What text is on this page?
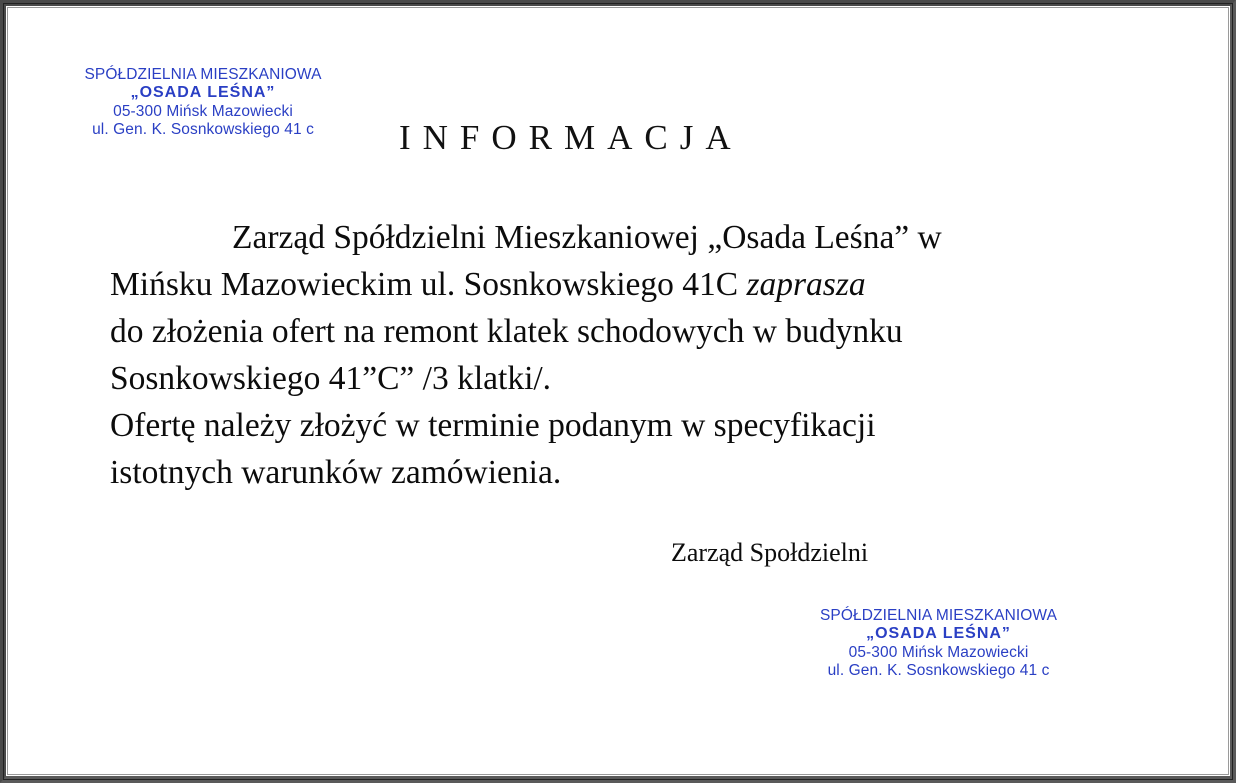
SPÓŁDZIELNIA MIESZKANIOWA
„OSADA LEŚNA”
05-300 Mińsk Mazowiecki
ul. Gen. K. Sosnkowskiego 41 c	INFORMACJA
Zarząd Spółdzielni Mieszkaniowej „Osada Leśna” w
Mińsku Mazowieckim ul. Sosnkowskiego 41C zaprasza
do złożenia ofert na remont klatek schodowych w budynku
Sosnkowskiego 41”C” /3 klatki/.
Ofertę należy złożyć w terminie podanym w specyfikacji
istotnych warunków zamówienia.
Zarząd Społdzielni
SPÓŁDZIELNIA MIESZKANIOWA
„OSADA LEŚNA”
05-300 Mińsk Mazowiecki
ul. Gen. K. Sosnkowskiego 41 c
